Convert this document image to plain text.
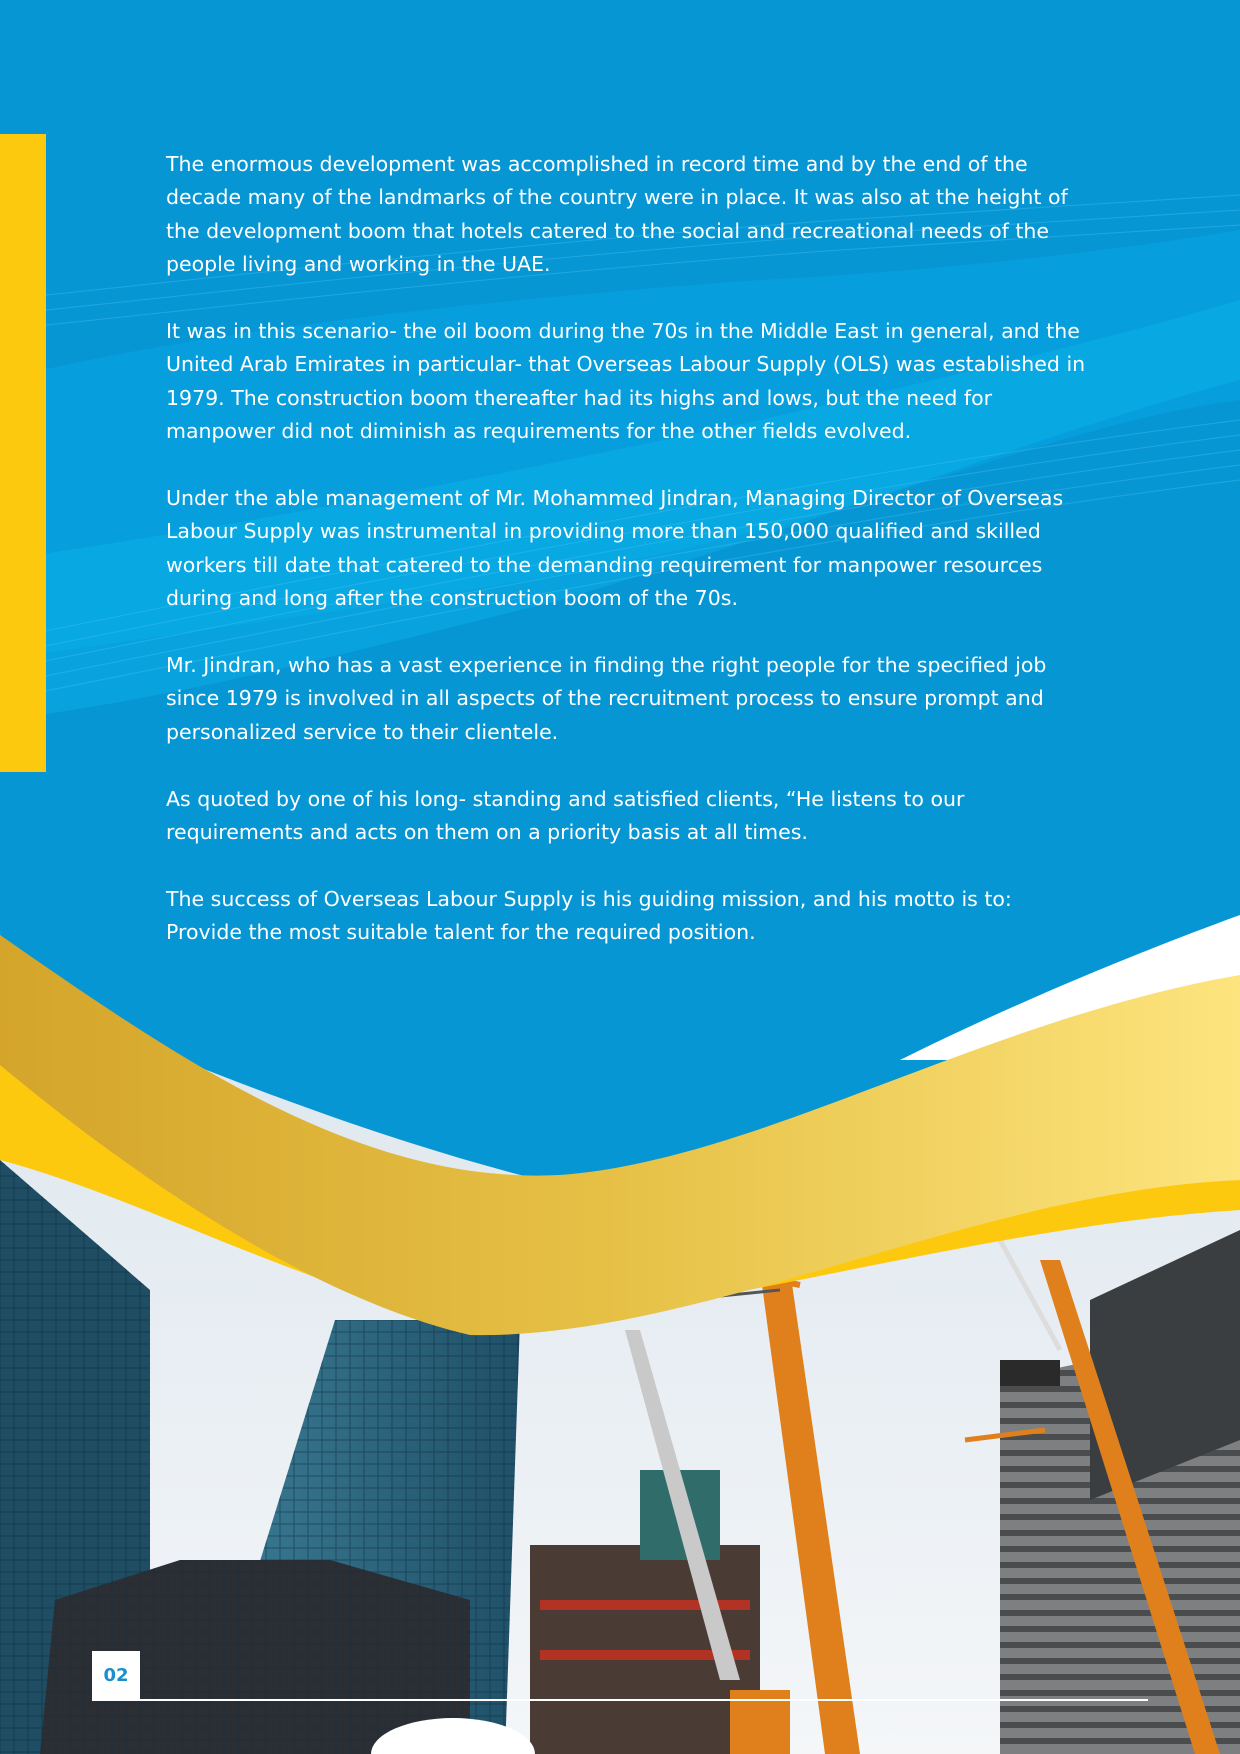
The enormous development was accomplished in record time and by the end of the decade many of the landmarks of the country were in place. It was also at the height of the development boom that hotels catered to the social and recreational needs of the people living and working in the UAE.

It was in this scenario- the oil boom during the 70s in the Middle East in general, and the United Arab Emirates in particular- that Overseas Labour Supply (OLS) was established in 1979. The construction boom thereafter had its highs and lows, but the need for manpower did not diminish as requirements for the other fields evolved.

Under the able management of Mr. Mohammed Jindran, Managing Director of Overseas Labour Supply was instrumental in providing more than 150,000 qualified and skilled workers till date that catered to the demanding requirement for manpower resources during and long after the construction boom of the 70s.

Mr. Jindran, who has a vast experience in finding the right people for the specified job since 1979 is involved in all aspects of the recruitment process to ensure prompt and personalized service to their clientele.

As quoted by one of his long- standing and satisfied clients, “He listens to our requirements and acts on them on a priority basis at all times.

The success of Overseas Labour Supply is his guiding mission, and his motto is to: Provide the most suitable talent for the required position.

02
